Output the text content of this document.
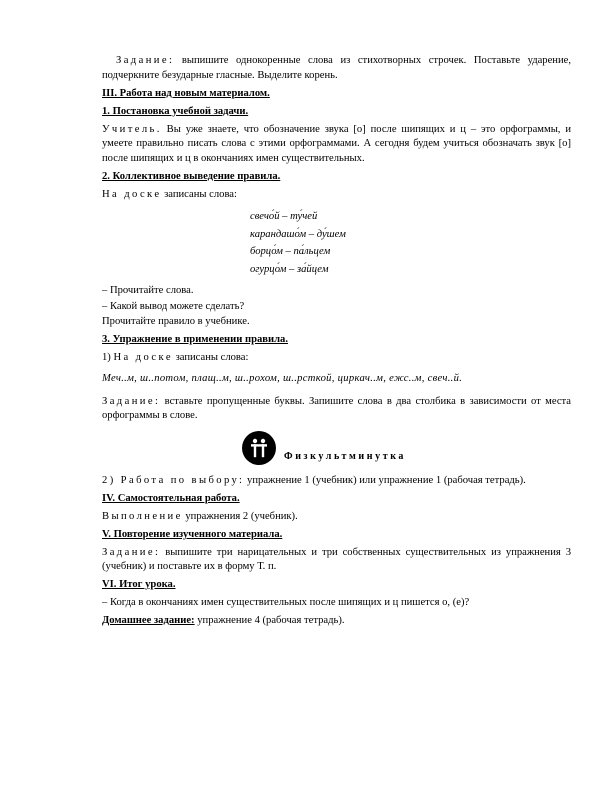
Задание: выпишите однокоренные слова из стихотворных строчек. Поставьте ударение, подчеркните безударные гласные. Выделите корень.

III. Работа над новым материалом.

1. Постановка учебной задачи.

Учитель. Вы уже знаете, что обозначение звука [о] после шипящих и ц – это орфограммы, и умеете правильно писать слова с этими орфограммами. А сегодня будем учиться обозначать звук [о] после шипящих и ц в окончаниях имен существительных.

2. Коллективное выведение правила.

На доске записаны слова:

свечо́й – ту́чей
карандашо́м – ду́шем
борцо́м – па́льцем
огурцо́м – за́йцем

– Прочитайте слова.

– Какой вывод можете сделать?

Прочитайте правило в учебнике.

3. Упражнение в применении правила.

1) На доске записаны слова:

Меч..м, ш..потом, плащ..м, ш..рохом, ш..рсткой, циркач..м, ежс..м, свеч..й.

Задание: вставьте пропущенные буквы. Запишите слова в два столбика в зависимости от места орфограммы в слове.

Физкультминутка

2) Работа по выбору: упражнение 1 (учебник) или упражнение 1 (рабочая тетрадь).

IV. Самостоятельная работа.

Выполнение упражнения 2 (учебник).

V. Повторение изученного материала.

Задание: выпишите три нарицательных и три собственных существительных из упражнения 3 (учебник) и поставьте их в форму Т. п.

VI. Итог урока.

– Когда в окончаниях имен существительных после шипящих и ц пишется о, (е)?

Домашнее задание: упражнение 4 (рабочая тетрадь).
